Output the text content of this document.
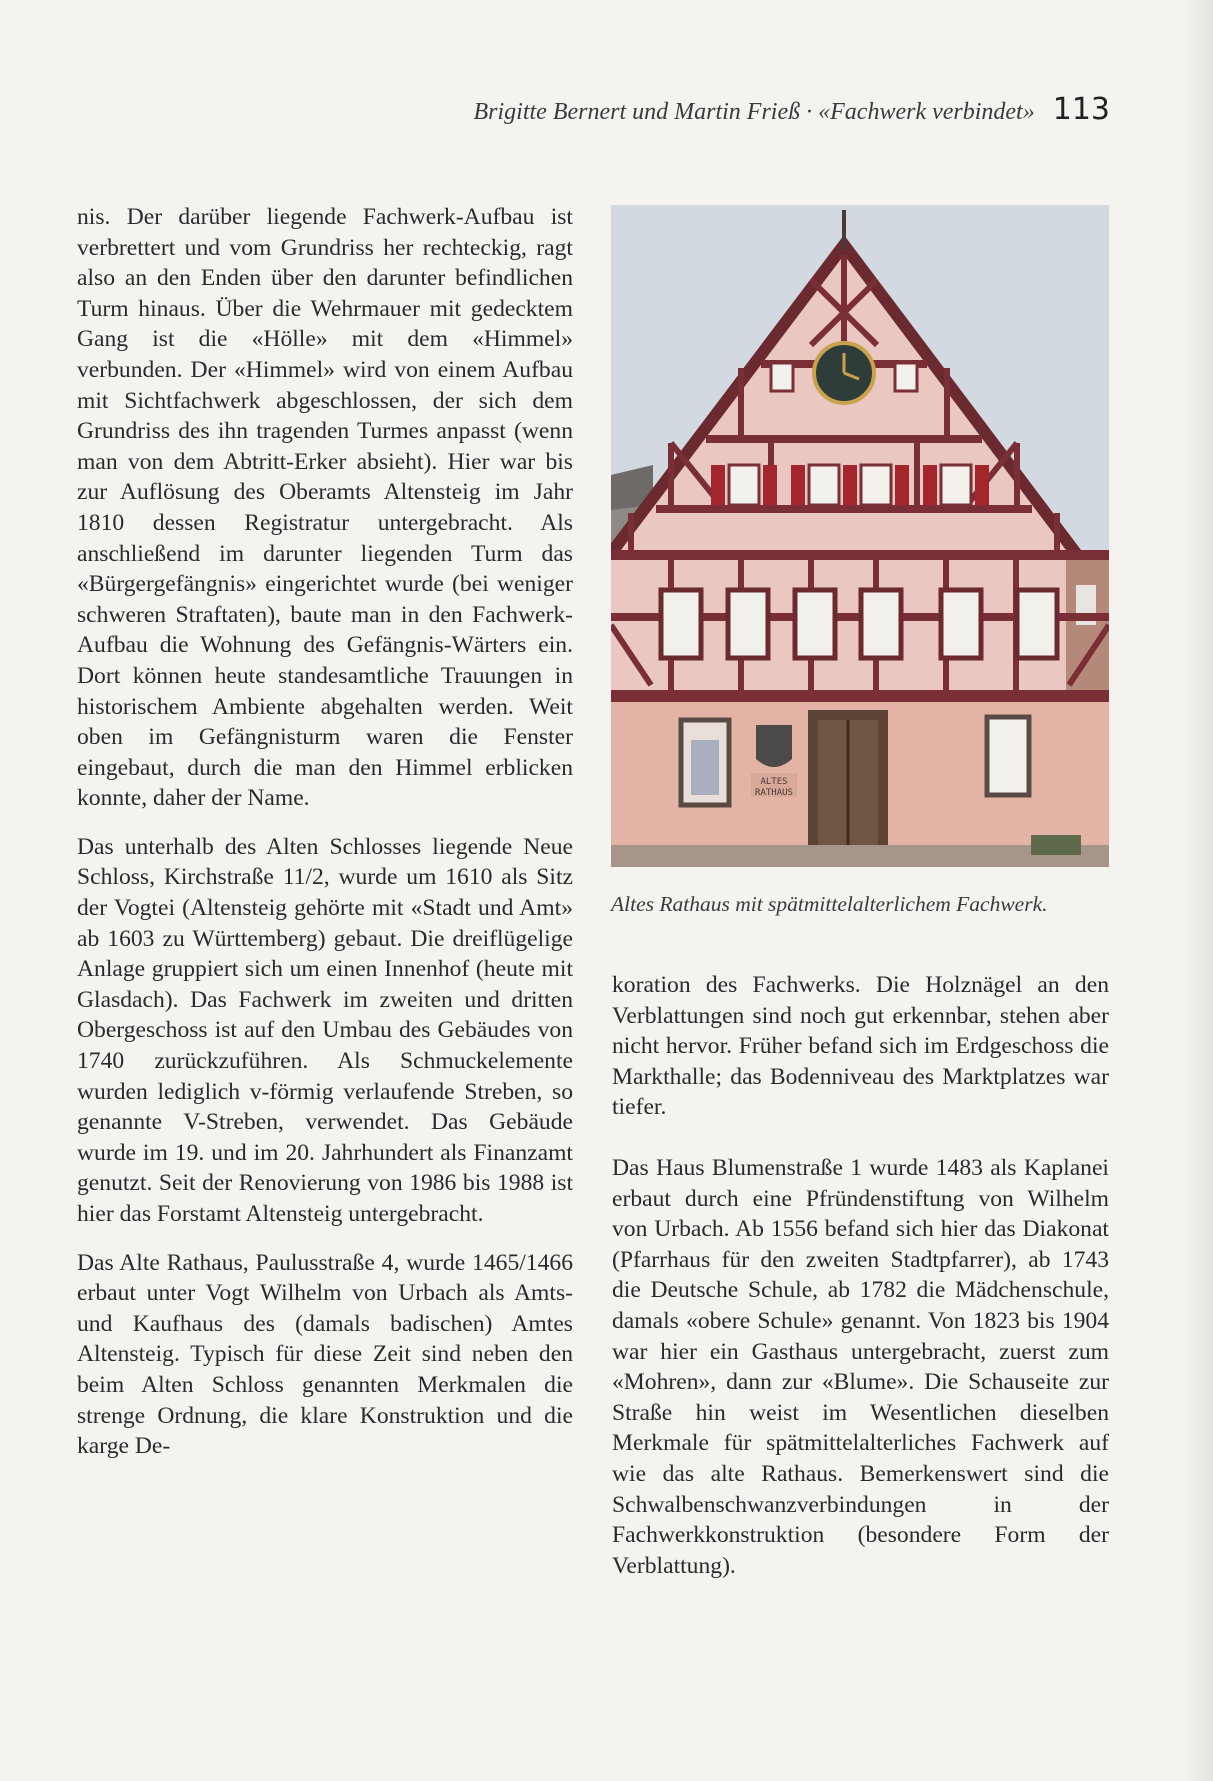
Brigitte Bernert und Martin Frieß · «Fachwerk verbindet» 113

nis. Der darüber liegende Fachwerk-Aufbau ist verbrettert und vom Grundriss her rechteckig, ragt also an den Enden über den darunter befindlichen Turm hinaus. Über die Wehrmauer mit gedecktem Gang ist die «Hölle» mit dem «Himmel» verbunden. Der «Himmel» wird von einem Aufbau mit Sichtfachwerk abgeschlossen, der sich dem Grundriss des ihn tragenden Turmes anpasst (wenn man von dem Abtritt-Erker absieht). Hier war bis zur Auflösung des Oberamts Altensteig im Jahr 1810 dessen Registratur untergebracht. Als anschließend im darunter liegenden Turm das «Bürgergefängnis» eingerichtet wurde (bei weniger schweren Straftaten), baute man in den Fachwerk-Aufbau die Wohnung des Gefängnis-Wärters ein. Dort können heute standesamtliche Trauungen in historischem Ambiente abgehalten werden. Weit oben im Gefängnisturm waren die Fenster eingebaut, durch die man den Himmel erblicken konnte, daher der Name.

Das unterhalb des Alten Schlosses liegende Neue Schloss, Kirchstraße 11/2, wurde um 1610 als Sitz der Vogtei (Altensteig gehörte mit «Stadt und Amt» ab 1603 zu Württemberg) gebaut. Die dreiflügelige Anlage gruppiert sich um einen Innenhof (heute mit Glasdach). Das Fachwerk im zweiten und dritten Obergeschoss ist auf den Umbau des Gebäudes von 1740 zurückzuführen. Als Schmuckelemente wurden lediglich v-förmig verlaufende Streben, so genannte V-Streben, verwendet. Das Gebäude wurde im 19. und im 20. Jahrhundert als Finanzamt genutzt. Seit der Renovierung von 1986 bis 1988 ist hier das Forstamt Altensteig untergebracht.

Das Alte Rathaus, Paulusstraße 4, wurde 1465/1466 erbaut unter Vogt Wilhelm von Urbach als Amts- und Kaufhaus des (damals badischen) Amtes Altensteig. Typisch für diese Zeit sind neben den beim Alten Schloss genannten Merkmalen die strenge Ordnung, die klare Konstruktion und die karge De-

ALTES
RATHAUS
Altes Rathaus mit spätmittelalterlichem Fachwerk.

koration des Fachwerks. Die Holznägel an den Verblattungen sind noch gut erkennbar, stehen aber nicht hervor. Früher befand sich im Erdgeschoss die Markthalle; das Bodenniveau des Marktplatzes war tiefer.

Das Haus Blumenstraße 1 wurde 1483 als Kaplanei erbaut durch eine Pfründenstiftung von Wilhelm von Urbach. Ab 1556 befand sich hier das Diakonat (Pfarrhaus für den zweiten Stadtpfarrer), ab 1743 die Deutsche Schule, ab 1782 die Mädchenschule, damals «obere Schule» genannt. Von 1823 bis 1904 war hier ein Gasthaus untergebracht, zuerst zum «Mohren», dann zur «Blume». Die Schauseite zur Straße hin weist im Wesentlichen dieselben Merkmale für spätmittelalterliches Fachwerk auf wie das alte Rathaus. Bemerkenswert sind die Schwalbenschwanzverbindungen in der Fachwerkkonstruktion (besondere Form der Verblattung).
